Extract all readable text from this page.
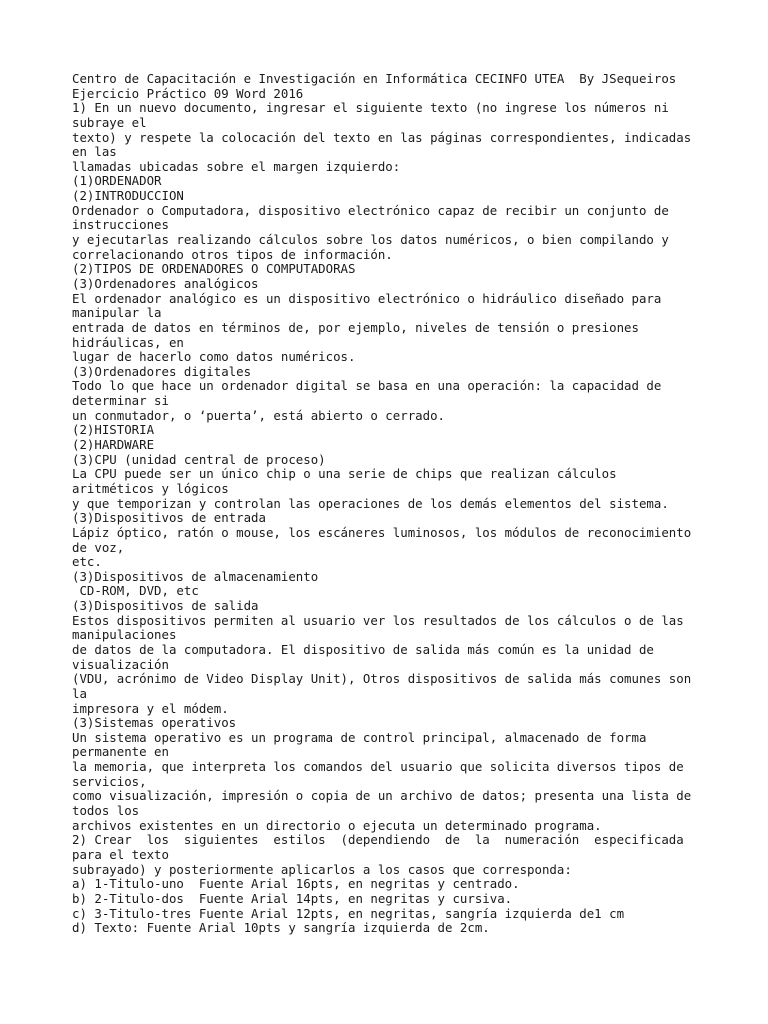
Centro de Capacitación e Investigación en Informática CECINFO UTEA  By JSequeiros
Ejercicio Práctico 09 Word 2016
1) En un nuevo documento, ingresar el siguiente texto (no ingrese los números ni
subraye el
texto) y respete la colocación del texto en las páginas correspondientes, indicadas
en las
llamadas ubicadas sobre el margen izquierdo:
(1)ORDENADOR
(2)INTRODUCCION
Ordenador o Computadora, dispositivo electrónico capaz de recibir un conjunto de
instrucciones
y ejecutarlas realizando cálculos sobre los datos numéricos, o bien compilando y
correlacionando otros tipos de información.
(2)TIPOS DE ORDENADORES O COMPUTADORAS
(3)Ordenadores analógicos
El ordenador analógico es un dispositivo electrónico o hidráulico diseñado para
manipular la
entrada de datos en términos de, por ejemplo, niveles de tensión o presiones
hidráulicas, en
lugar de hacerlo como datos numéricos.
(3)Ordenadores digitales
Todo lo que hace un ordenador digital se basa en una operación: la capacidad de
determinar si
un conmutador, o ‘puerta’, está abierto o cerrado.
(2)HISTORIA
(2)HARDWARE
(3)CPU (unidad central de proceso)
La CPU puede ser un único chip o una serie de chips que realizan cálculos
aritméticos y lógicos
y que temporizan y controlan las operaciones de los demás elementos del sistema.
(3)Dispositivos de entrada
Lápiz óptico, ratón o mouse, los escáneres luminosos, los módulos de reconocimiento
de voz,
etc.
(3)Dispositivos de almacenamiento
CD-ROM, DVD, etc
(3)Dispositivos de salida
Estos dispositivos permiten al usuario ver los resultados de los cálculos o de las
manipulaciones
de datos de la computadora. El dispositivo de salida más común es la unidad de
visualización
(VDU, acrónimo de Video Display Unit), Otros dispositivos de salida más comunes son
la
impresora y el módem.
(3)Sistemas operativos
Un sistema operativo es un programa de control principal, almacenado de forma
permanente en
la memoria, que interpreta los comandos del usuario que solicita diversos tipos de
servicios,
como visualización, impresión o copia de un archivo de datos; presenta una lista de
todos los
archivos existentes en un directorio o ejecuta un determinado programa.
2) Crear  los  siguientes  estilos  (dependiendo  de  la  numeración  especificada
para el texto
subrayado) y posteriormente aplicarlos a los casos que corresponda:
a) 1-Titulo-uno  Fuente Arial 16pts, en negritas y centrado.
b) 2-Titulo-dos  Fuente Arial 14pts, en negritas y cursiva.
c) 3-Titulo-tres Fuente Arial 12pts, en negritas, sangría izquierda de1 cm
d) Texto: Fuente Arial 10pts y sangría izquierda de 2cm.
